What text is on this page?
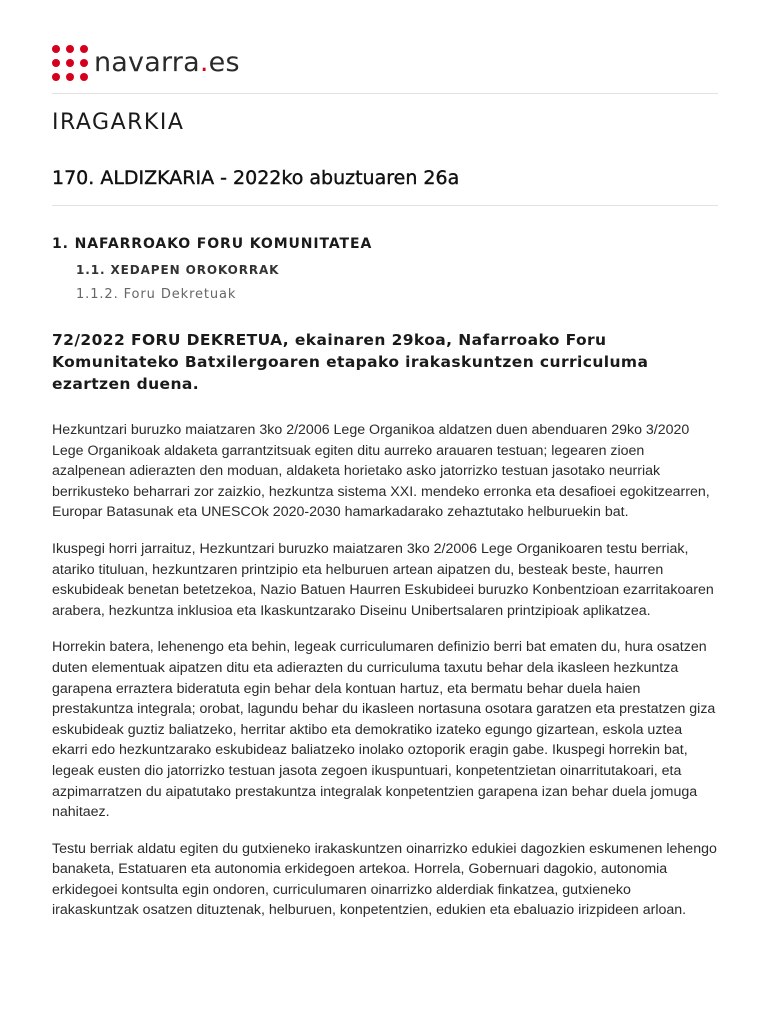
navarra.es
IRAGARKIA
170. ALDIZKARIA - 2022ko abuztuaren 26a
1. NAFARROAKO FORU KOMUNITATEA
1.1. XEDAPEN OROKORRAK
1.1.2. Foru Dekretuak
72/2022 FORU DEKRETUA, ekainaren 29koa, Nafarroako Foru Komunitateko Batxilergoaren etapako irakaskuntzen curriculuma ezartzen duena.

Hezkuntzari buruzko maiatzaren 3ko 2/2006 Lege Organikoa aldatzen duen abenduaren 29ko 3/2020 Lege Organikoak aldaketa garrantzitsuak egiten ditu aurreko arauaren testuan; legearen zioen azalpenean adierazten den moduan, aldaketa horietako asko jatorrizko testuan jasotako neurriak berrikusteko beharrari zor zaizkio, hezkuntza sistema XXI. mendeko erronka eta desafioei egokitzearren, Europar Batasunak eta UNESCOk 2020-2030 hamarkadarako zehaztutako helburuekin bat.

Ikuspegi horri jarraituz, Hezkuntzari buruzko maiatzaren 3ko 2/2006 Lege Organikoaren testu berriak, atariko tituluan, hezkuntzaren printzipio eta helburuen artean aipatzen du, besteak beste, haurren eskubideak benetan betetzekoa, Nazio Batuen Haurren Eskubideei buruzko Konbentzioan ezarritakoaren arabera, hezkuntza inklusioa eta Ikaskuntzarako Diseinu Unibertsalaren printzipioak aplikatzea.

Horrekin batera, lehenengo eta behin, legeak curriculumaren definizio berri bat ematen du, hura osatzen duten elementuak aipatzen ditu eta adierazten du curriculuma taxutu behar dela ikasleen hezkuntza garapena erraztera bideratuta egin behar dela kontuan hartuz, eta bermatu behar duela haien prestakuntza integrala; orobat, lagundu behar du ikasleen nortasuna osotara garatzen eta prestatzen giza eskubideak guztiz baliatzeko, herritar aktibo eta demokratiko izateko egungo gizartean, eskola uztea ekarri edo hezkuntzarako eskubideaz baliatzeko inolako oztoporik eragin gabe. Ikuspegi horrekin bat, legeak eusten dio jatorrizko testuan jasota zegoen ikuspuntuari, konpetentzietan oinarritutakoari, eta azpimarratzen du aipatutako prestakuntza integralak konpetentzien garapena izan behar duela jomuga nahitaez.

Testu berriak aldatu egiten du gutxieneko irakaskuntzen oinarrizko edukiei dagozkien eskumenen lehengo banaketa, Estatuaren eta autonomia erkidegoen artekoa. Horrela, Gobernuari dagokio, autonomia erkidegoei kontsulta egin ondoren, curriculumaren oinarrizko alderdiak finkatzea, gutxieneko irakaskuntzak osatzen dituztenak, helburuen, konpetentzien, edukien eta ebaluazio irizpideen arloan.
